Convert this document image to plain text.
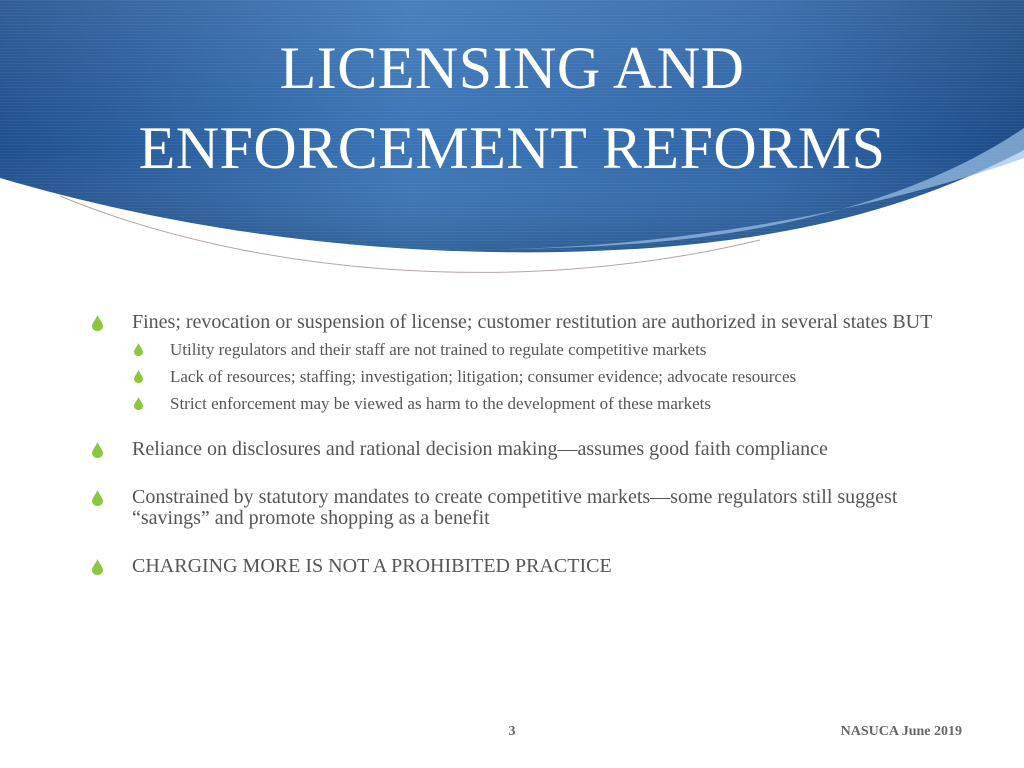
LICENSING AND
ENFORCEMENT REFORMS
Fines; revocation or suspension of license; customer restitution are authorized in several states BUT
Utility regulators and their staff are not trained to regulate competitive markets
Lack of resources; staffing; investigation; litigation; consumer evidence; advocate resources
Strict enforcement may be viewed as harm to the development of these markets
Reliance on disclosures and rational decision making—assumes good faith compliance
Constrained by statutory mandates to create competitive markets—some regulators still suggest “savings” and promote shopping as a benefit
CHARGING MORE IS NOT A PROHIBITED PRACTICE
3	NASUCA June 2019
